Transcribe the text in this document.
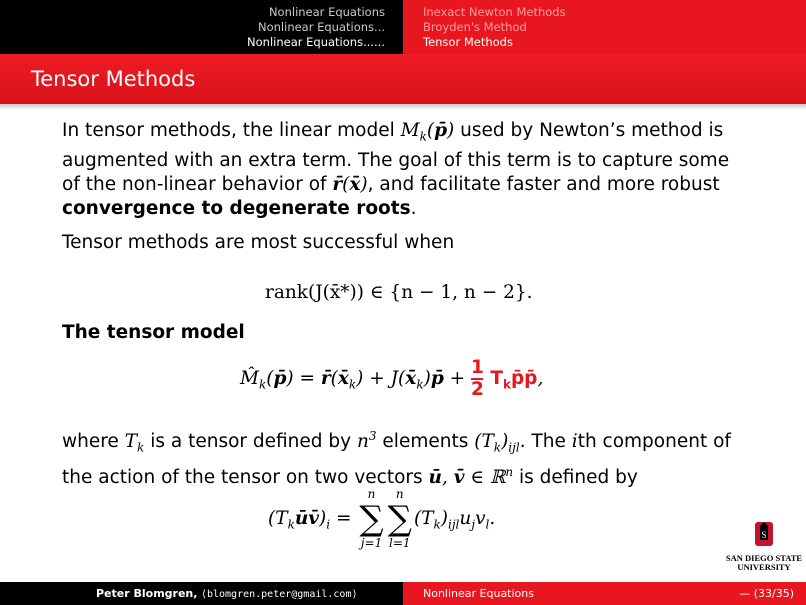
Nonlinear Equations
Nonlinear Equations...
Nonlinear Equations......
Inexact Newton Methods
Broyden's Method
Tensor Methods
Tensor Methods

In tensor methods, the linear model $M_k(p̄)$ used by Newton’s method is augmented with an extra term. The goal of this term is to capture some of the non-linear behavior of r̄(x̄), and facilitate faster and more robust convergence to degenerate roots.

Tensor methods are most successful when

rank(J(x̄*)) ∈ {n − 1, n − 2}.
The tensor model
$M̂_k(p̄)$ = $r̄(x̄_k)$ + $J(x̄_k)p̄ + \frac{1}{2}$ $T_kp̄p̄$,
where $T_k$ is a tensor defined by $n^3$ elements $(T_k)_{ijl}$. The ith component of the action of the tensor on two vectors ū, v̄ ∈ ℝ$^n$ is defined by
$(T_kūv̄)_i$ =
n
∑
j=1
n
∑
l=1
$(T_k)_{ijl}u_jv_l$.
S
SAN DIEGO STATE
UNIVERSITY
Peter Blomgren, ⟨blomgren.peter@gmail.com⟩	Nonlinear Equations	— (33/35)
